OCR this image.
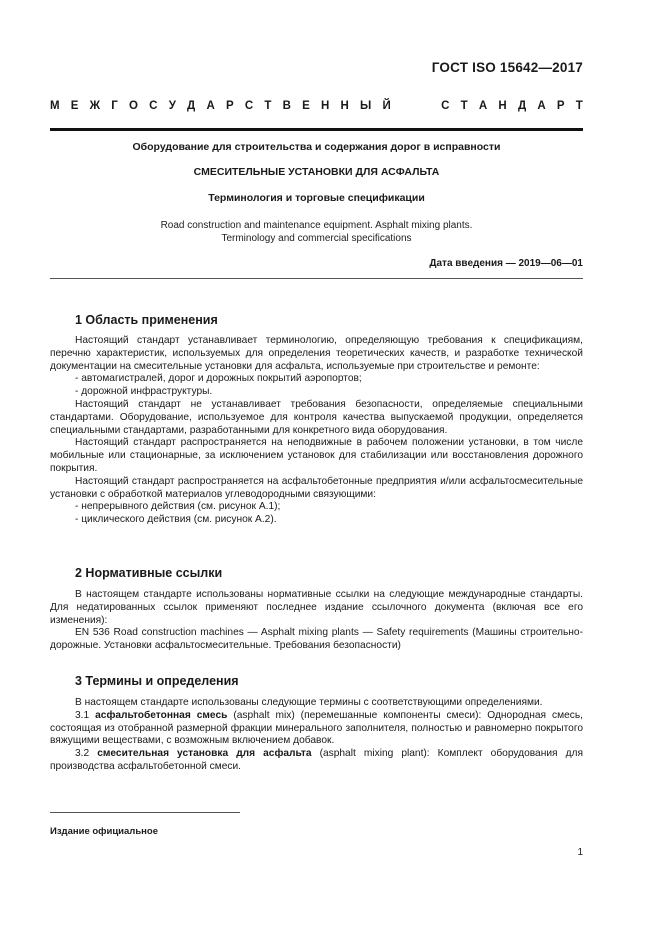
ГОСТ ISO 15642—2017
М Е Ж Г О С У Д А Р С Т В Е Н Н Ы Й	С Т А Н Д А Р Т
Оборудование для строительства и содержания дорог в исправности
СМЕСИТЕЛЬНЫЕ УСТАНОВКИ ДЛЯ АСФАЛЬТА
Терминология и торговые спецификации
Road construction and maintenance equipment. Asphalt mixing plants.
Terminology and commercial specifications
Дата введения — 2019—06—01
1 Область применения

Настоящий стандарт устанавливает терминологию, определяющую требования к спецификациям, перечню характеристик, используемых для определения теоретических качеств, и разработке технической документации на смесительные установки для асфальта, используемые при строительстве и ремонте:

- автомагистралей, дорог и дорожных покрытий аэропортов;

- дорожной инфраструктуры.

Настоящий стандарт не устанавливает требования безопасности, определяемые специальными стандартами. Оборудование, используемое для контроля качества выпускаемой продукции, определяется специальными стандартами, разработанными для конкретного вида оборудования.

Настоящий стандарт распространяется на неподвижные в рабочем положении установки, в том числе мобильные или стационарные, за исключением установок для стабилизации или восстановления дорожного покрытия.

Настоящий стандарт распространяется на асфальтобетонные предприятия и/или асфальтосмесительные установки с обработкой материалов углеводородными связующими:

- непрерывного действия (см. рисунок А.1);

- циклического действия (см. рисунок А.2).

2 Нормативные ссылки

В настоящем стандарте использованы нормативные ссылки на следующие международные стандарты. Для недатированных ссылок применяют последнее издание ссылочного документа (включая все его изменения):

EN 536 Road construction machines — Asphalt mixing plants — Safety requirements (Машины строительно-дорожные. Установки асфальтосмесительные. Требования безопасности)

3 Термины и определения

В настоящем стандарте использованы следующие термины с соответствующими определениями.

3.1 асфальтобетонная смесь (asphalt mix) (перемешанные компоненты смеси): Однородная смесь, состоящая из отобранной размерной фракции минерального заполнителя, полностью и равномерно покрытого вяжущими веществами, с возможным включением добавок.

3.2 смесительная установка для асфальта (asphalt mixing plant): Комплект оборудования для производства асфальтобетонной смеси.

Издание официальное
1
